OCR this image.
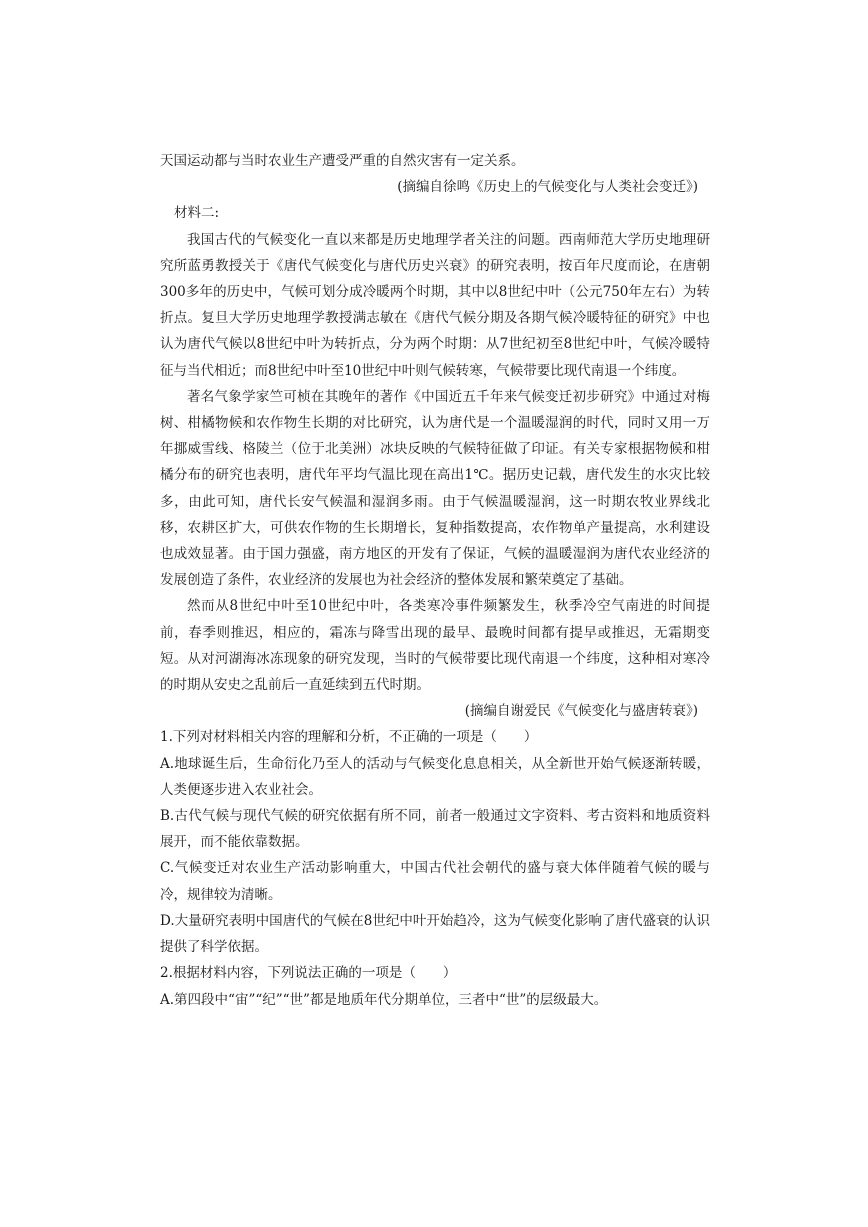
天国运动都与当时农业生产遭受严重的自然灾害有一定关系。

(摘编自徐鸣《历史上的气候变化与人类社会变迁》)

材料二:

我国古代的气候变化一直以来都是历史地理学者关注的问题。西南师范大学历史地理研究所蓝勇教授关于《唐代气候变化与唐代历史兴衰》的研究表明，按百年尺度而论，在唐朝300多年的历史中，气候可划分成冷暖两个时期，其中以8世纪中叶（公元750年左右）为转折点。复旦大学历史地理学教授满志敏在《唐代气候分期及各期气候冷暖特征的研究》中也认为唐代气候以8世纪中叶为转折点，分为两个时期：从7世纪初至8世纪中叶，气候冷暖特征与当代相近；而8世纪中叶至10世纪中叶则气候转寒，气候带要比现代南退一个纬度。

著名气象学家竺可桢在其晚年的著作《中国近五千年来气候变迁初步研究》中通过对梅树、柑橘物候和农作物生长期的对比研究，认为唐代是一个温暖湿润的时代，同时又用一万年挪威雪线、格陵兰（位于北美洲）冰块反映的气候特征做了印证。有关专家根据物候和柑橘分布的研究也表明，唐代年平均气温比现在高出1℃。据历史记载，唐代发生的水灾比较多，由此可知，唐代长安气候温和湿润多雨。由于气候温暖湿润，这一时期农牧业界线北移，农耕区扩大，可供农作物的生长期增长，复种指数提高，农作物单产量提高，水利建设也成效显著。由于国力强盛，南方地区的开发有了保证，气候的温暖湿润为唐代农业经济的发展创造了条件，农业经济的发展也为社会经济的整体发展和繁荣奠定了基础。

然而从8世纪中叶至10世纪中叶，各类寒冷事件频繁发生，秋季冷空气南进的时间提前，春季则推迟，相应的，霜冻与降雪出现的最早、最晚时间都有提早或推迟，无霜期变短。从对河湖海冰冻现象的研究发现，当时的气候带要比现代南退一个纬度，这种相对寒冷的时期从安史之乱前后一直延续到五代时期。

(摘编自谢爱民《气候变化与盛唐转衰》)

1.下列对材料相关内容的理解和分析，不正确的一项是（　　）

A.地球诞生后，生命衍化乃至人的活动与气候变化息息相关，从全新世开始气候逐渐转暖，人类便逐步进入农业社会。

B.古代气候与现代气候的研究依据有所不同，前者一般通过文字资料、考古资料和地质资料展开，而不能依靠数据。

C.气候变迁对农业生产活动影响重大，中国古代社会朝代的盛与衰大体伴随着气候的暖与冷，规律较为清晰。

D.大量研究表明中国唐代的气候在8世纪中叶开始趋冷，这为气候变化影响了唐代盛衰的认识提供了科学依据。

2.根据材料内容，下列说法正确的一项是（　　）

A.第四段中“宙”“纪”“世”都是地质年代分期单位，三者中“世”的层级最大。
